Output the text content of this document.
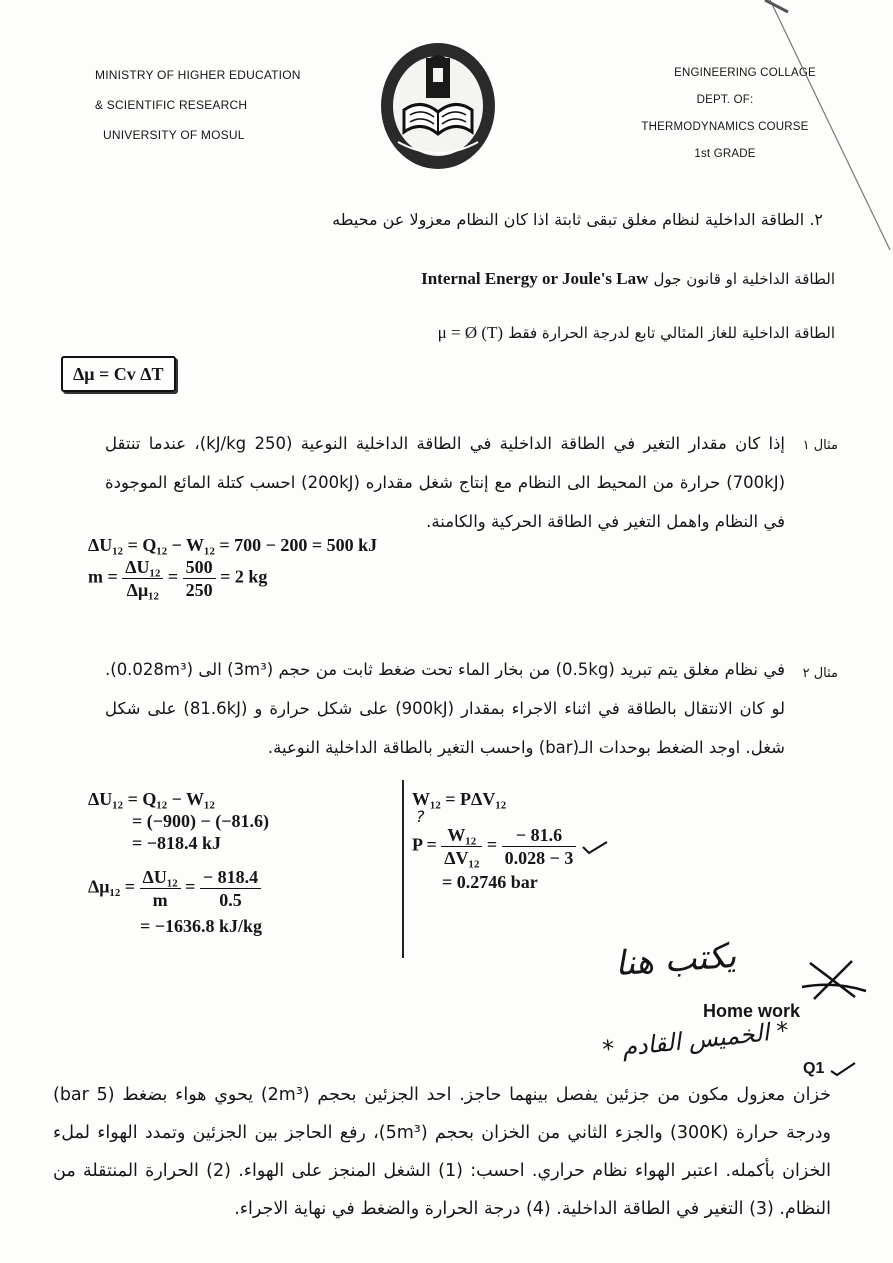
MINISTRY OF HIGHER EDUCATION
& SCIENTIFIC RESEARCH
UNIVERSITY OF MOSUL
ENGINEERING COLLAGE
DEPT. OF:
THERMODYNAMICS COURSE
1st GRADE
٢. الطاقة الداخلية لنظام مغلق تبقى ثابتة اذا كان النظام معزولا عن محيطه
Internal Energy or Joule's Law الطاقة الداخلية او قانون جول
μ = Ø (T) الطاقة الداخلية للغاز المثالي تابع لدرجة الحرارة فقط
Δμ = Cv ΔT
مثال ١
إذا كان مقدار التغير في الطاقة الداخلية في الطاقة الداخلية النوعية (250 kJ/kg)، عندما تنتقل (700kJ) حرارة من المحيط الى النظام مع إنتاج شغل مقداره (200kJ) احسب كتلة المائع الموجودة في النظام واهمل التغير في الطاقة الحركية والكامنة.
ΔU₁₂ = Q₁₂ − W₁₂ = 700 − 200 = 500 kJ
$m = \frac{\text{ΔU₁₂}}{\text{Δμ₁₂}} = \frac{500}{250} = 2$ kg
مثال ٢
في نظام مغلق يتم تبريد (0.5kg) من بخار الماء تحت ضغط ثابت من حجم (3m³) الى (0.028m³). لو كان الانتقال بالطاقة في اثناء الاجراء بمقدار (900kJ) على شكل حرارة و (81.6kJ) على شكل شغل. اوجد الضغط بوحدات الـ(bar) واحسب التغير بالطاقة الداخلية النوعية.
ΔU₁₂ = Q₁₂ − W₁₂
= (−900) − (−81.6)
= −818.4 kJ
$\Delta\mu_{12} = \frac{\text{ΔU₁₂}}{m} = \frac{- 818.4}{0.5}$
= −1636.8 kJ/kg
W₁₂ = PΔV₁₂
?
$P = \frac{\text{W₁₂}}{\text{ΔV₁₂}} = \frac{- 81.6}{0.028 - 3}$

= 0.2746 bar
يكتب هنا
Home work
* الخميس القادم *
Q1
خزان معزول مكون من جزئين يفصل بينهما حاجز. احد الجزئين بحجم (2m³) يحوي هواء بضغط (5 bar) ودرجة حرارة (300K) والجزء الثاني من الخزان بحجم (5m³)، رفع الحاجز بين الجزئين وتمدد الهواء لملء الخزان بأكمله. اعتبر الهواء نظام حراري. احسب: (1) الشغل المنجز على الهواء. (2) الحرارة المنتقلة من النظام. (3) التغير في الطاقة الداخلية. (4) درجة الحرارة والضغط في نهاية الاجراء.
